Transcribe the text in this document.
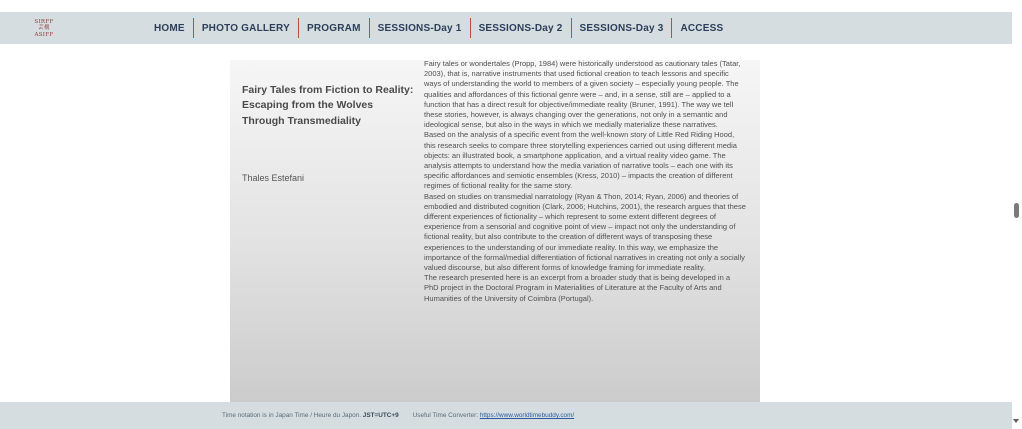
SIRFF
芸構
ASIFF
HOME	PHOTO GALLERY	PROGRAM	SESSIONS-Day 1	SESSIONS-Day 2	SESSIONS-Day 3	ACCESS
Fairy Tales from Fiction to Reality: Escaping from the Wolves Through Transmediality
Thales Estefani

Fairy tales or wondertales (Propp, 1984) were historically understood as cautionary tales (Tatar, 2003), that is, narrative instruments that used fictional creation to teach lessons and specific ways of understanding the world to members of a given society – especially young people. The qualities and affordances of this fictional genre were – and, in a sense, still are – applied to a function that has a direct result for objective/immediate reality (Bruner, 1991). The way we tell these stories, however, is always changing over the generations, not only in a semantic and ideological sense, but also in the ways in which we medially materialize these narratives.

Based on the analysis of a specific event from the well-known story of Little Red Riding Hood, this research seeks to compare three storytelling experiences carried out using different media objects: an illustrated book, a smartphone application, and a virtual reality video game. The analysis attempts to understand how the media variation of narrative tools – each one with its specific affordances and semiotic ensembles (Kress, 2010) – impacts the creation of different regimes of fictional reality for the same story.

Based on studies on transmedial narratology (Ryan & Thon, 2014; Ryan, 2006) and theories of embodied and distributed cognition (Clark, 2006; Hutchins, 2001), the research argues that these different experiences of fictionality – which represent to some extent different degrees of experience from a sensorial and cognitive point of view – impact not only the understanding of fictional reality, but also contribute to the creation of different ways of transposing these experiences to the understanding of our immediate reality. In this way, we emphasize the importance of the formal/medial differentiation of fictional narratives in creating not only a socially valued discourse, but also different forms of knowledge framing for immediate reality.

The research presented here is an excerpt from a broader study that is being developed in a PhD project in the Doctoral Program in Materialities of Literature at the Faculty of Arts and Humanities of the University of Coimbra (Portugal).

Time notation is in Japan Time / Heure du Japon. JST=UTC+9 Useful Time Converter: https://www.worldtimebuddy.com/
